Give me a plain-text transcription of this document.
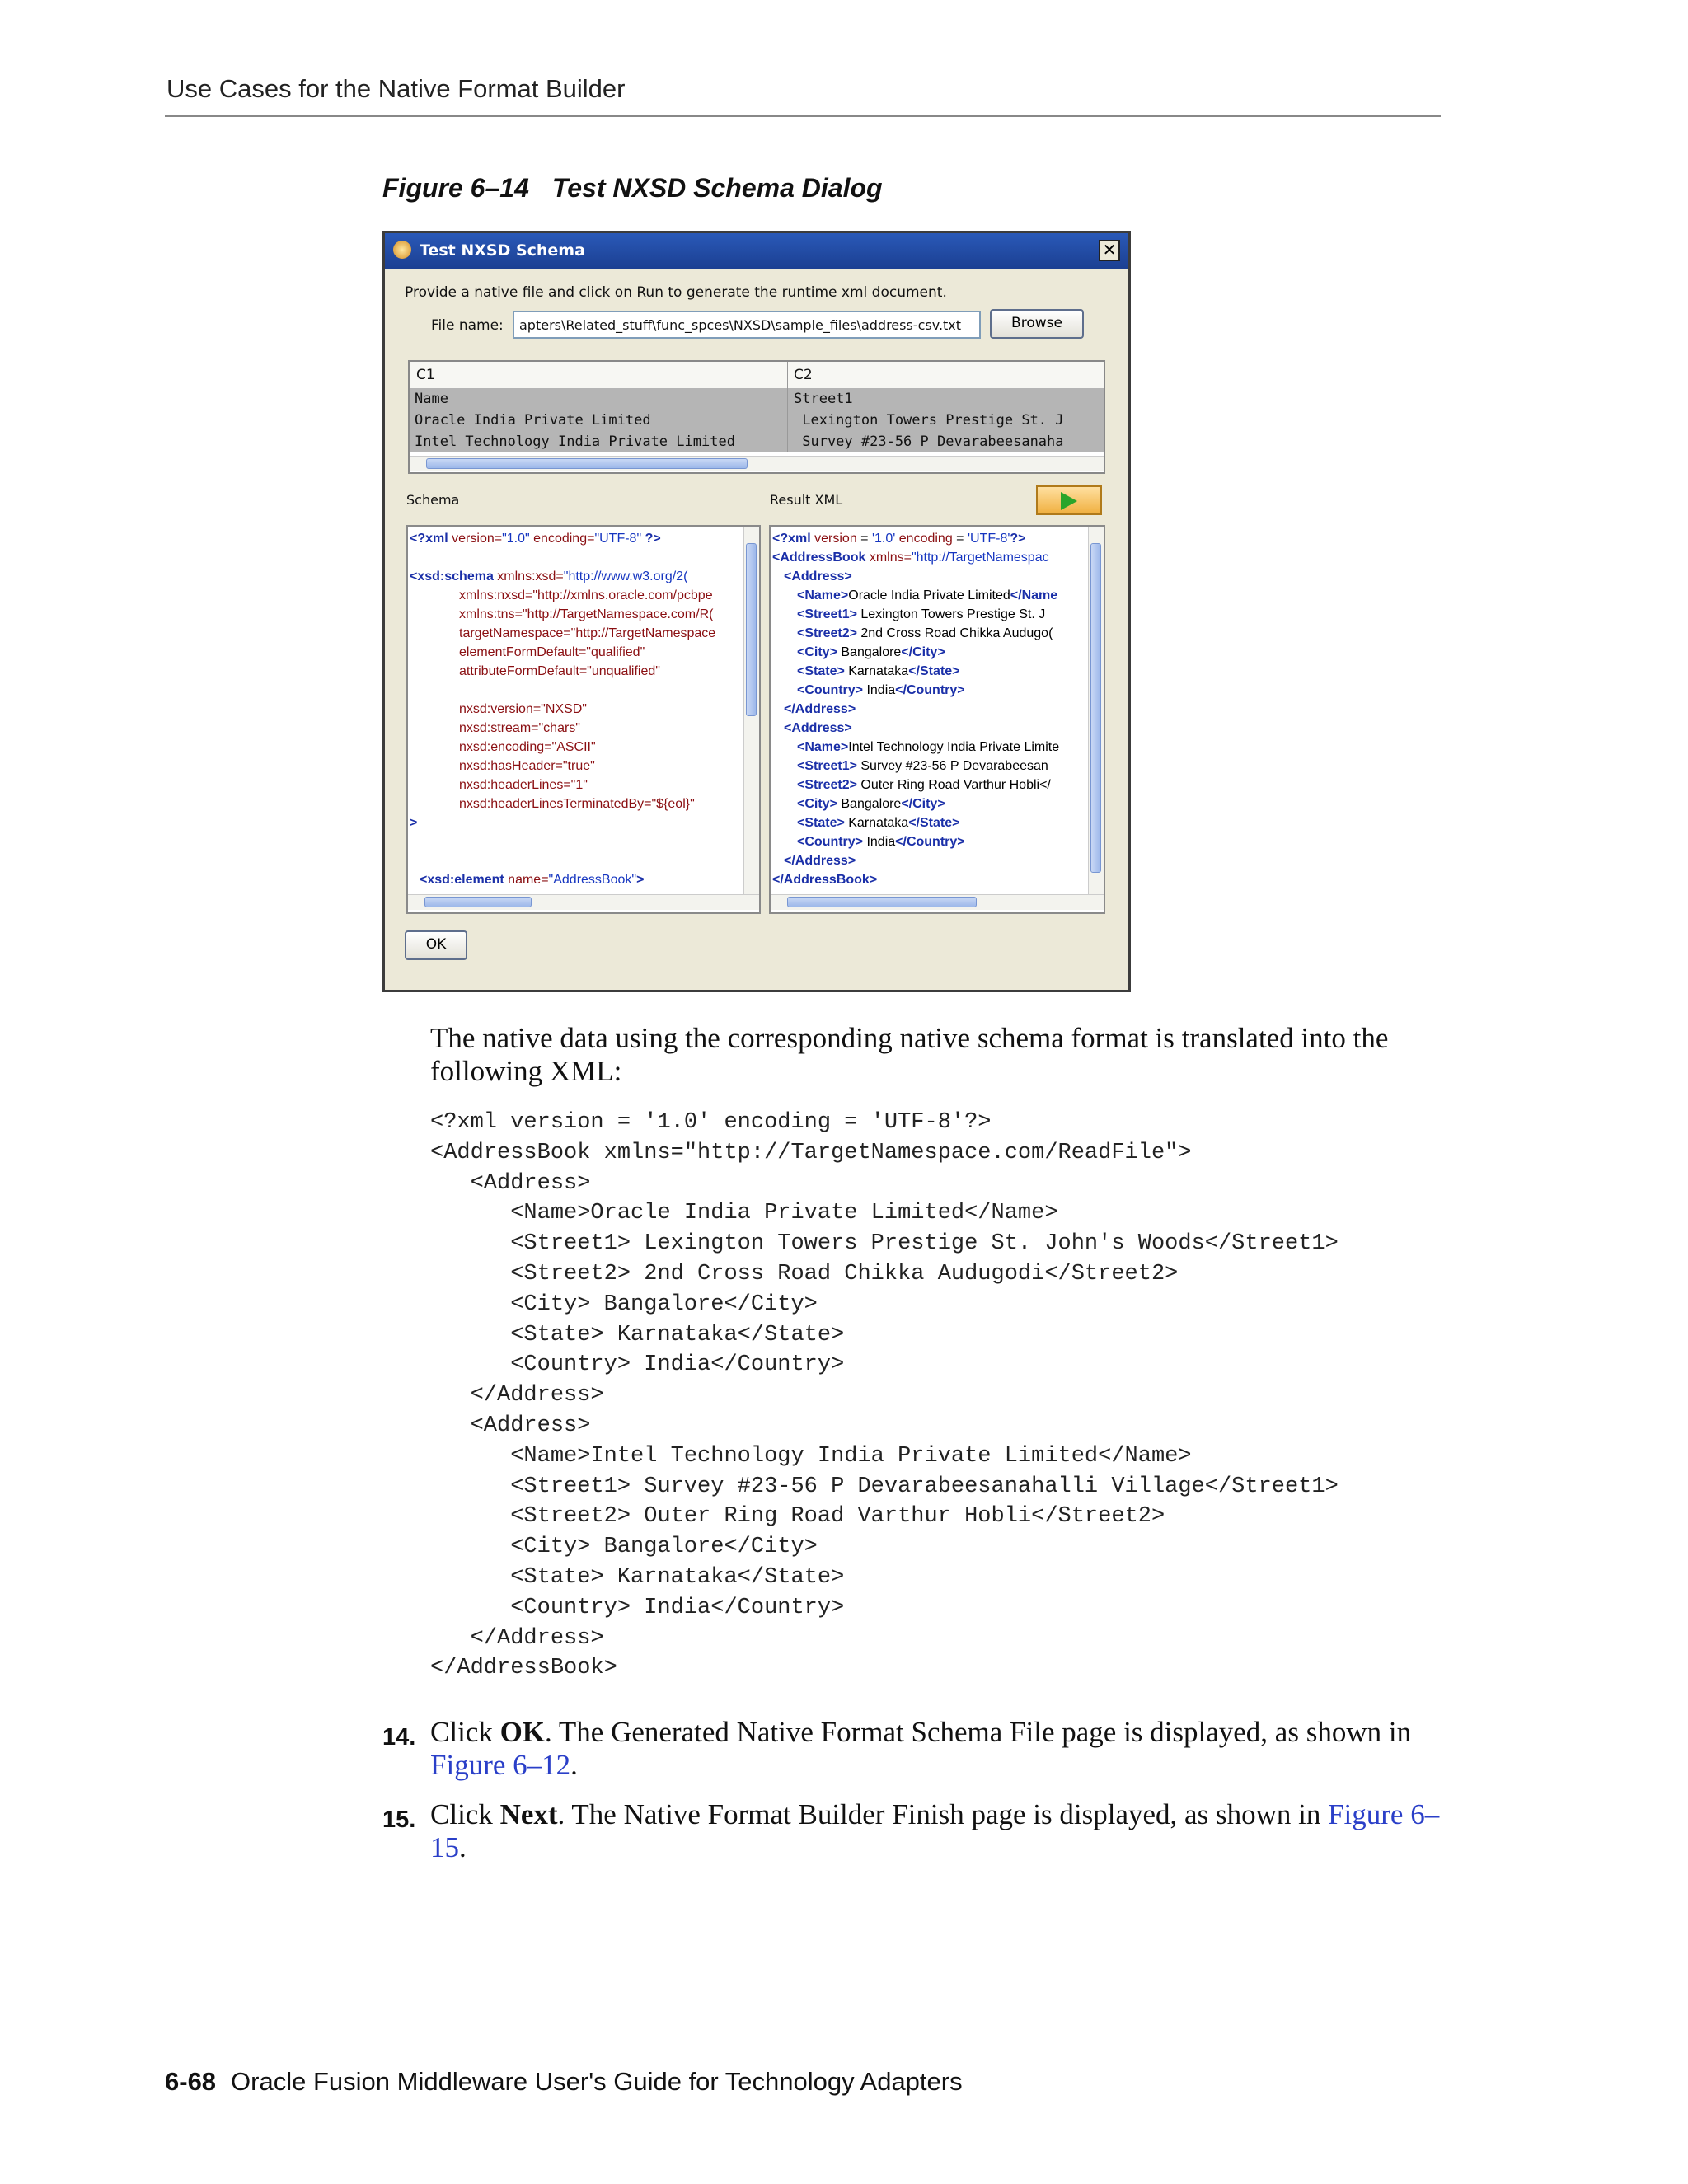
Use Cases for the Native Format Builder
Figure 6–14 Test NXSD Schema Dialog
Test NXSD Schema	✕
Provide a native file and click on Run to generate the runtime xml document.
File name:	apters\Related_stuff\func_spces\NXSD\sample_files\address-csv.txt	Browse
C1	C2
Name	Street1
Oracle India Private Limited	Lexington Towers Prestige St. J
Intel Technology India Private Limited	Survey #23-56 P Devarabeesanaha
Schema	Result XML
<?xml version="1.0" encoding="UTF-8" ?>
<xsd:schema xmlns:xsd="http://www.w3.org/2(
xmlns:nxsd="http://xmlns.oracle.com/pcbpe
xmlns:tns="http://TargetNamespace.com/R(
targetNamespace="http://TargetNamespace
elementFormDefault="qualified"
attributeFormDefault="unqualified"
nxsd:version="NXSD"
nxsd:stream="chars"
nxsd:encoding="ASCII"
nxsd:hasHeader="true"
nxsd:headerLines="1"
nxsd:headerLinesTerminatedBy="${eol}"
>
<xsd:element name="AddressBook">
<?xml version = '1.0' encoding = 'UTF-8'?>
<AddressBook xmlns="http://TargetNamespac
<Address>
<Name>Oracle India Private Limited</Name
<Street1> Lexington Towers Prestige St. J
<Street2> 2nd Cross Road Chikka Audugo(
<City> Bangalore</City>
<State> Karnataka</State>
<Country> India</Country>
</Address>
<Address>
<Name>Intel Technology India Private Limite
<Street1> Survey #23-56 P Devarabeesan
<Street2> Outer Ring Road Varthur Hobli</
<City> Bangalore</City>
<State> Karnataka</State>
<Country> India</Country>
</Address>
</AddressBook>
OK
The native data using the corresponding native schema format is translated into the following XML:
<?xml version = '1.0' encoding = 'UTF-8'?>
<AddressBook xmlns="http://TargetNamespace.com/ReadFile">
<Address>
<Name>Oracle India Private Limited</Name>
<Street1> Lexington Towers Prestige St. John's Woods</Street1>
<Street2> 2nd Cross Road Chikka Audugodi</Street2>
<City> Bangalore</City>
<State> Karnataka</State>
<Country> India</Country>
</Address>
<Address>
<Name>Intel Technology India Private Limited</Name>
<Street1> Survey #23-56 P Devarabeesanahalli Village</Street1>
<Street2> Outer Ring Road Varthur Hobli</Street2>
<City> Bangalore</City>
<State> Karnataka</State>
<Country> India</Country>
</Address>
</AddressBook>
14. Click OK. The Generated Native Format Schema File page is displayed, as shown in Figure 6–12.
15. Click Next. The Native Format Builder Finish page is displayed, as shown in Figure 6–15.
6-68 Oracle Fusion Middleware User's Guide for Technology Adapters
